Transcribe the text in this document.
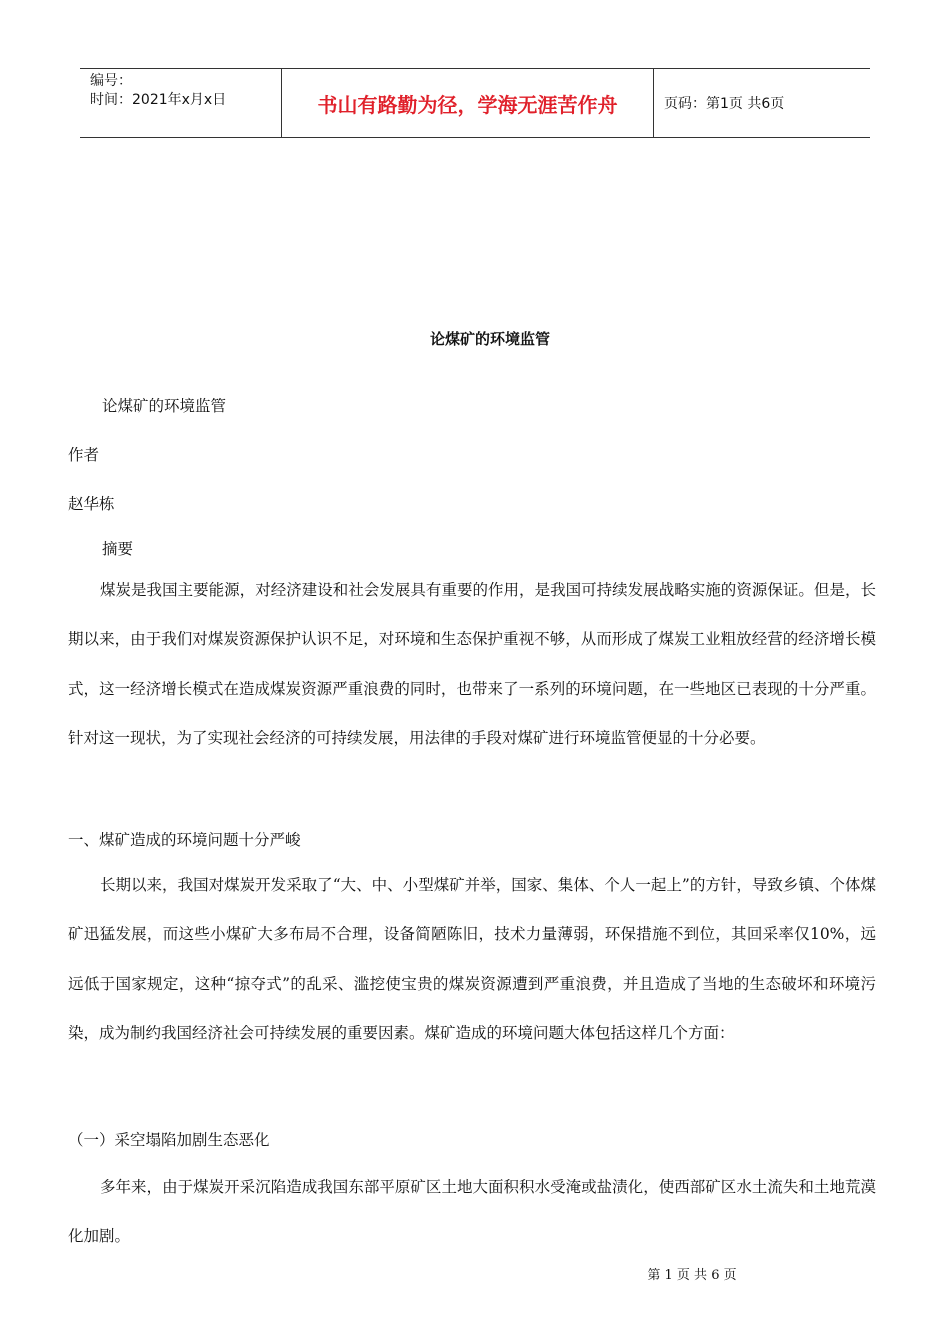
编号：
时间：2021年x月x日	书山有路勤为径，学海无涯苦作舟	页码：第1页 共6页
论煤矿的环境监管
论煤矿的环境监管
作者
赵华栋
摘要

煤炭是我国主要能源，对经济建设和社会发展具有重要的作用，是我国可持续发展战略实施的资源保证。但是，长期以来，由于我们对煤炭资源保护认识不足，对环境和生态保护重视不够，从而形成了煤炭工业粗放经营的经济增长模式，这一经济增长模式在造成煤炭资源严重浪费的同时，也带来了一系列的环境问题，在一些地区已表现的十分严重。针对这一现状，为了实现社会经济的可持续发展，用法律的手段对煤矿进行环境监管便显的十分必要。

一、煤矿造成的环境问题十分严峻

长期以来，我国对煤炭开发采取了“大、中、小型煤矿并举，国家、集体、个人一起上”的方针，导致乡镇、个体煤矿迅猛发展，而这些小煤矿大多布局不合理，设备简陋陈旧，技术力量薄弱，环保措施不到位，其回采率仅10%，远远低于国家规定，这种“掠夺式”的乱采、滥挖使宝贵的煤炭资源遭到严重浪费，并且造成了当地的生态破坏和环境污染，成为制约我国经济社会可持续发展的重要因素。煤矿造成的环境问题大体包括这样几个方面：

（一）采空塌陷加剧生态恶化

多年来，由于煤炭开采沉陷造成我国东部平原矿区土地大面积积水受淹或盐渍化，使西部矿区水土流失和土地荒漠化加剧。

第 1 页 共 6 页
